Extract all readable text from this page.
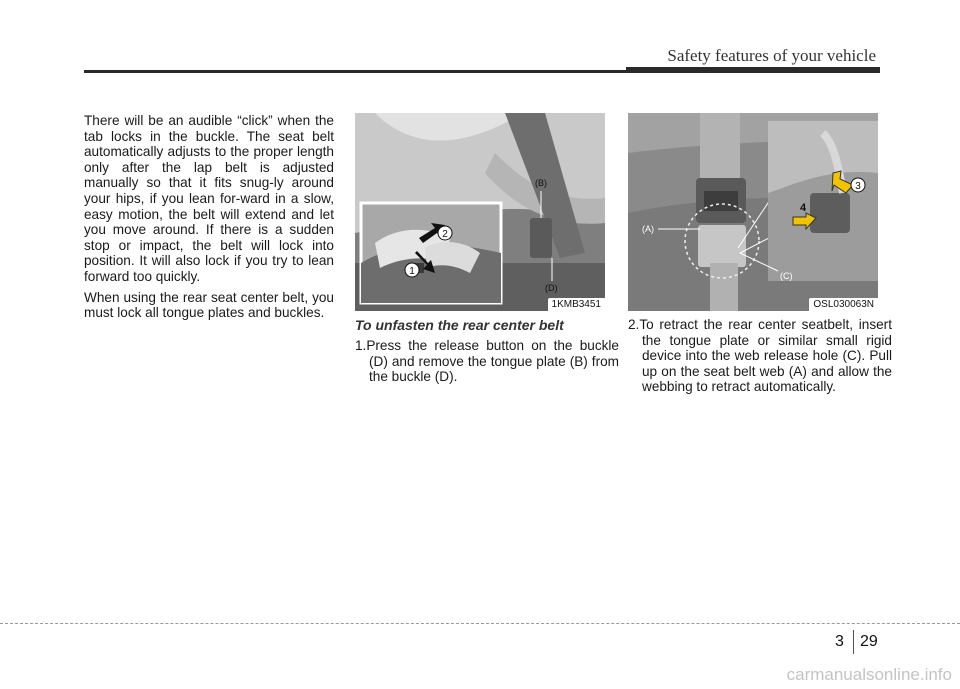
Safety features of your vehicle

There will be an audible “click” when the tab locks in the buckle. The seat belt automatically adjusts to the proper length only after the lap belt is adjusted manually so that it fits snug-ly around your hips, if you lean for-ward in a slow, easy motion, the belt will extend and let you move around. If there is a sudden stop or impact, the belt will lock into position. It will also lock if you try to lean forward too quickly.

When using the rear seat center belt, you must lock all tongue plates and buckles.

2
1
(B)
(D)
1KMB3451
3
4
(A)
(C)
OSL030063N
To unfasten the rear center belt
1.Press the release button on the buckle (D) and remove the tongue plate (B) from the buckle (D).
2.To retract the rear center seatbelt, insert the tongue plate or similar small rigid device into the web release hole (C). Pull up on the seat belt web (A) and allow the webbing to retract automatically.
3 29
carmanualsonline.info
